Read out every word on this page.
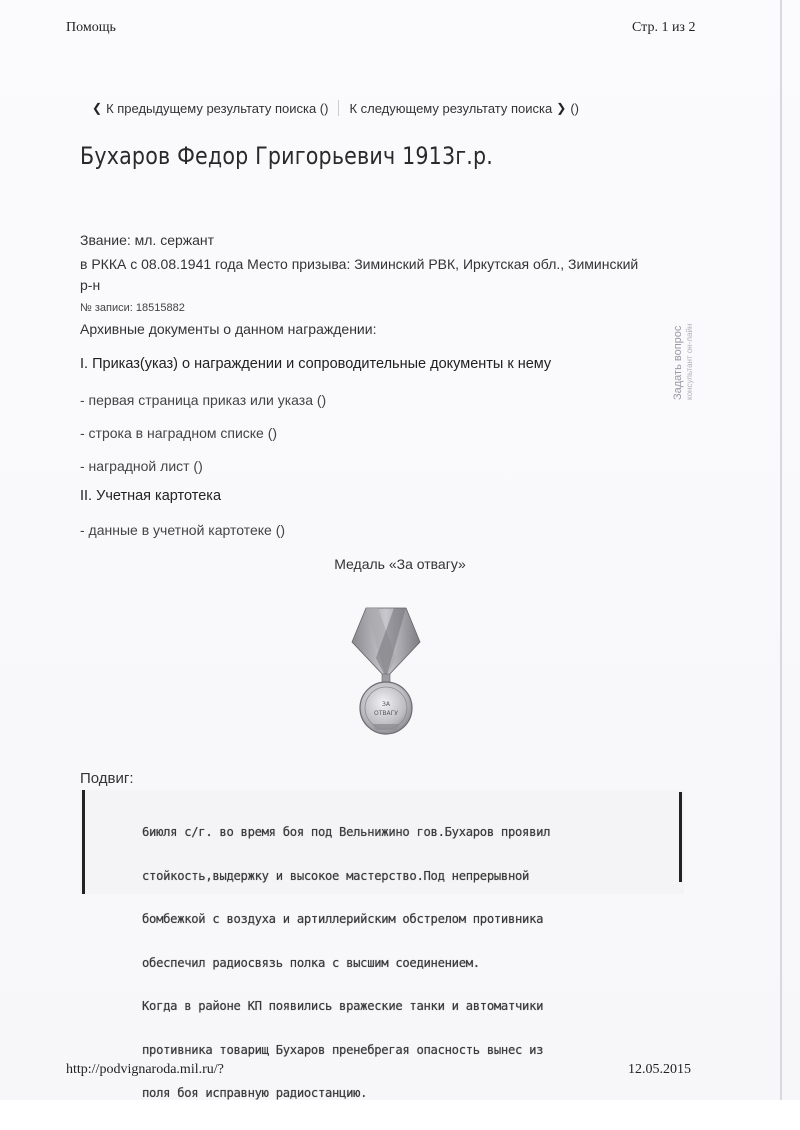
Помощь	Стр. 1 из 2
❮ К предыдущему результату поиска () К следующему результату поиска ❯ ()
Бухаров Федор Григорьевич 1913г.р.
Звание: мл. сержант
в РККА с 08.08.1941 года Место призыва: Зиминский РВК, Иркутская обл., Зиминский р-н
№ записи: 18515882
Архивные документы о данном награждении:
I. Приказ(указ) о награждении и сопроводительные документы к нему
- первая страница приказ или указа ()
- строка в наградном списке ()
- наградной лист ()
II. Учетная картотека
- данные в учетной картотеке ()
Задать вопрос консультант он-лайн
Медаль «За отвагу»
ЗА
ОТВАГУ
Подвиг:

6июля с/г. во время боя под Вельнижино гов.Бухаров проявил

стойкость,выдержку и высокое мастерство.Под непрерывной

бомбежкой с воздуха и артиллерийским обстрелом противника

обеспечил радиосвязь полка с высшим соединением.

Когда в районе КП появились вражеские танки и автоматчики

противника товарищ Бухаров пренебрегая опасность вынес из

поля боя исправную радиостанцию.

http://podvignaroda.mil.ru/?	12.05.2015
